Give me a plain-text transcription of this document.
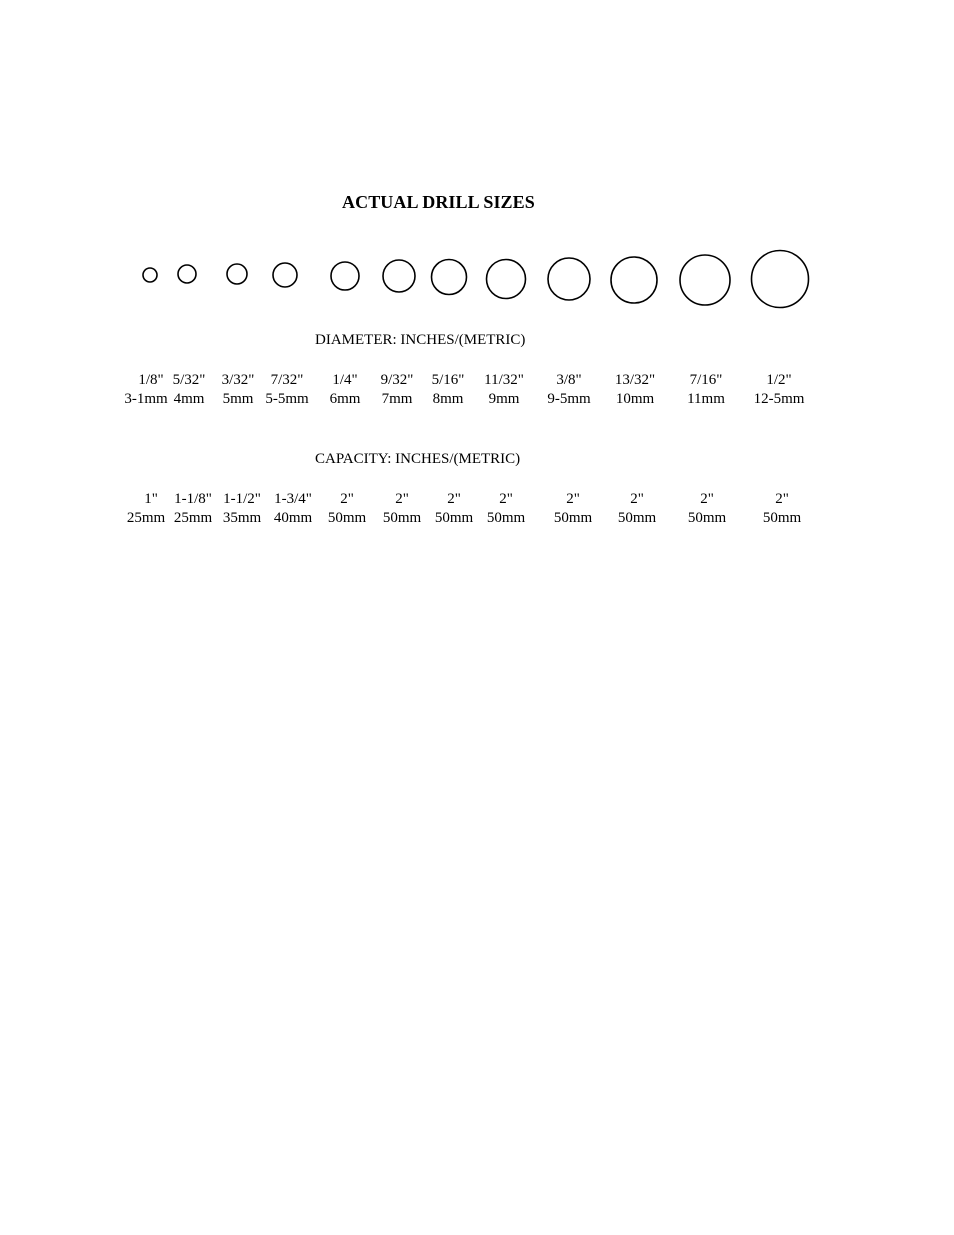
ACTUAL DRILL SIZES
DIAMETER: INCHES/(METRIC)
1/8"
3-1mm
5/32"
4mm
3/32"
5mm
7/32"
5-5mm
1/4"
6mm
9/32"
7mm
5/16"
8mm
11/32"
9mm
3/8"
9-5mm
13/32"
10mm
7/16"
11mm
1/2"
12-5mm
CAPACITY: INCHES/(METRIC)
1"
25mm
1-1/8"
25mm
1-1/2"
35mm
1-3/4"
40mm
2"
50mm
2"
50mm
2"
50mm
2"
50mm
2"
50mm
2"
50mm
2"
50mm
2"
50mm
